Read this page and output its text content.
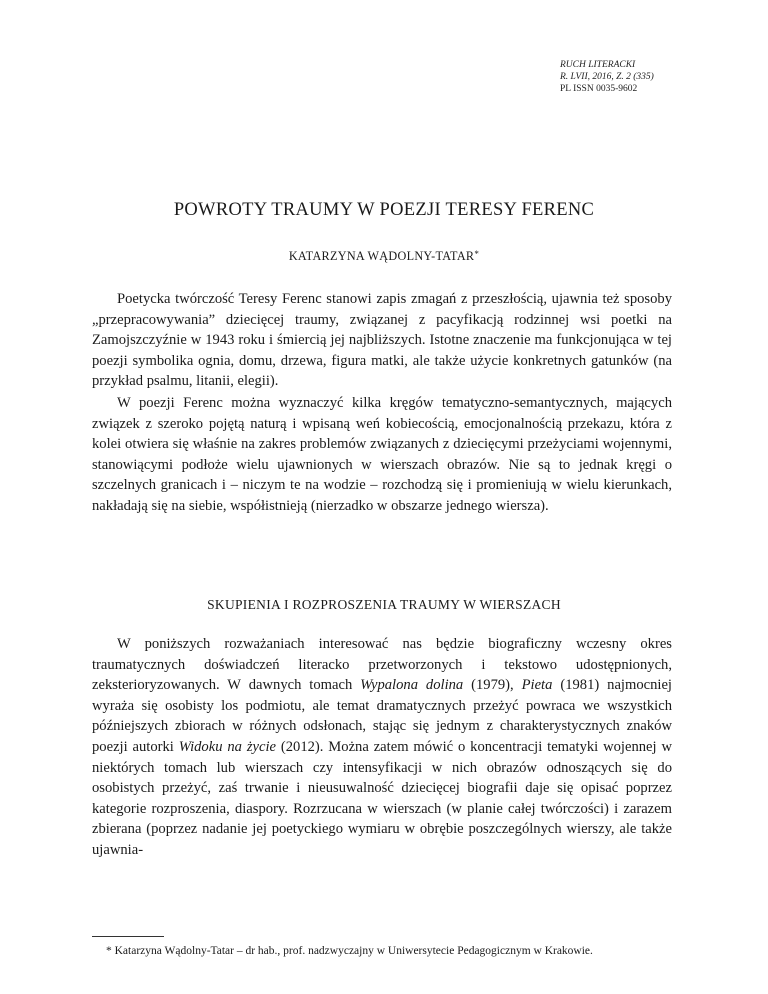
RUCH LITERACKI
R. LVII, 2016, Z. 2 (335)
PL ISSN 0035-9602
POWROTY TRAUMY W POEZJI TERESY FERENC
KATARZYNA WĄDOLNY-TATAR*

Poetycka twórczość Teresy Ferenc stanowi zapis zmagań z przeszłością, ujawnia też sposoby „przepracowywania” dziecięcej traumy, związanej z pacyfikacją rodzinnej wsi poetki na Zamojszczyźnie w 1943 roku i śmiercią jej najbliższych. Istotne znaczenie ma funkcjonująca w tej poezji symbolika ognia, domu, drzewa, figura matki, ale także użycie konkretnych gatunków (na przykład psalmu, litanii, elegii).

W poezji Ferenc można wyznaczyć kilka kręgów tematyczno-semantycznych, mających związek z szeroko pojętą naturą i wpisaną weń kobiecością, emocjonalnością przekazu, która z kolei otwiera się właśnie na zakres problemów związanych z dziecięcymi przeżyciami wojennymi, stanowiącymi podłoże wielu ujawnionych w wierszach obrazów. Nie są to jednak kręgi o szczelnych granicach i – niczym te na wodzie – rozchodzą się i promieniują w wielu kierunkach, nakładają się na siebie, współistnieją (nierzadko w obszarze jednego wiersza).

SKUPIENIA I ROZPROSZENIA TRAUMY W WIERSZACH

W poniższych rozważaniach interesować nas będzie biograficzny wczesny okres traumatycznych doświadczeń literacko przetworzonych i tekstowo udostępnionych, zeksterioryzowanych. W dawnych tomach Wypalona dolina (1979), Pieta (1981) najmocniej wyraża się osobisty los podmiotu, ale temat dramatycznych przeżyć powraca we wszystkich późniejszych zbiorach w różnych odsłonach, stając się jednym z charakterystycznych znaków poezji autorki Widoku na życie (2012). Można zatem mówić o koncentracji tematyki wojennej w niektórych tomach lub wierszach czy intensyfikacji w nich obrazów odnoszących się do osobistych przeżyć, zaś trwanie i nieusuwalność dziecięcej biografii daje się opisać poprzez kategorie rozproszenia, diaspory. Rozrzucana w wierszach (w planie całej twórczości) i zarazem zbierana (poprzez nadanie jej poetyckiego wymiaru w obrębie poszczególnych wierszy, ale także ujawnia-

* Katarzyna Wądolny-Tatar – dr hab., prof. nadzwyczajny w Uniwersytecie Pedagogicznym w Krakowie.
